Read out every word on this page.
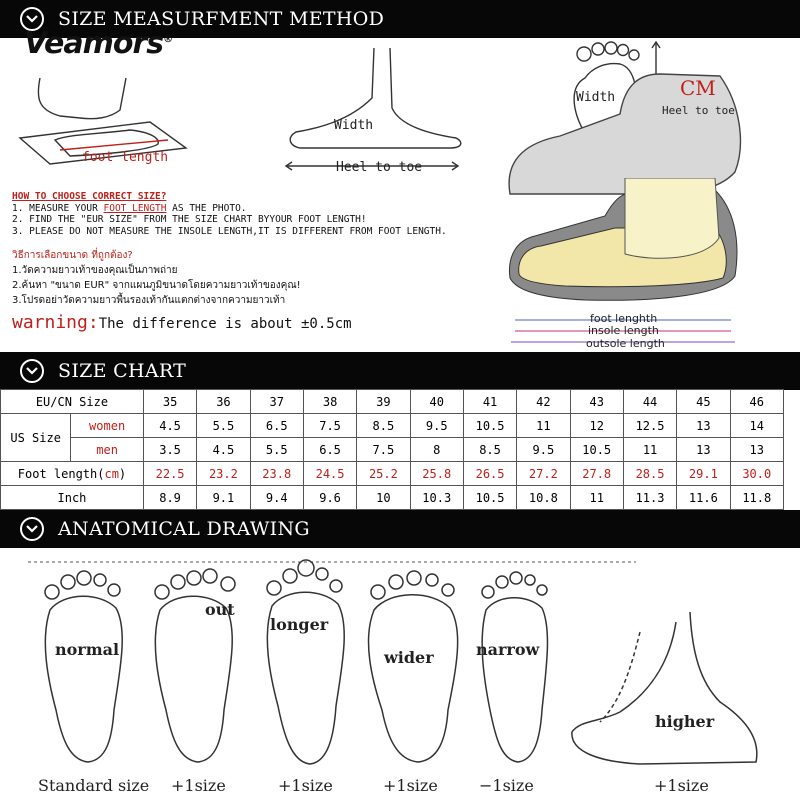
SIZE MEASURFMENT METHOD
Veamors®
foot length
Width
Heel to toe
Width	CM
Heel to toe
foot lenghth
insole length
outsole length
HOW TO CHOOSE CORRECT SIZE?
1. MEASURE YOUR FOOT LENGTH AS THE PHOTO.
2. FIND THE "EUR SIZE" FROM THE SIZE CHART BYYOUR FOOT LENGTH!
3. PLEASE DO NOT MEASURE THE INSOLE LENGTH,IT IS DIFFERENT FROM FOOT LENGTH.
วิธีการเลือกขนาด ที่ถูกต้อง?
1.วัดความยาวเท้าของคุณเป็นภาพถ่าย
2.ค้นหา "ขนาด EUR" จากแผนภูมิขนาดโดยความยาวเท้าของคุณ!
3.โปรดอย่าวัดความยาวพื้นรองเท้ากันแตกต่างจากความยาวเท้า
warning:The difference is about ±0.5cm
SIZE CHART
EU/CN Size		35	36	37	38	39	40	41	42	43	44	45	46
US Size	women	4.5	5.5	6.5	7.5	8.5	9.5	10.5	11	12	12.5	13	14
	men	3.5	4.5	5.5	6.5	7.5	8	8.5	9.5	10.5	11	13	13
Foot length(cm)		22.5	23.2	23.8	24.5	25.2	25.8	26.5	27.2	27.8	28.5	29.1	30.0
Inch		8.9	9.1	9.4	9.6	10	10.3	10.5	10.8	11	11.3	11.6	11.8
ANATOMICAL DRAWING
normal
out
longer
wider	narrow
higher
Standard size +1size	+1size	+1size	−1size	+1size
